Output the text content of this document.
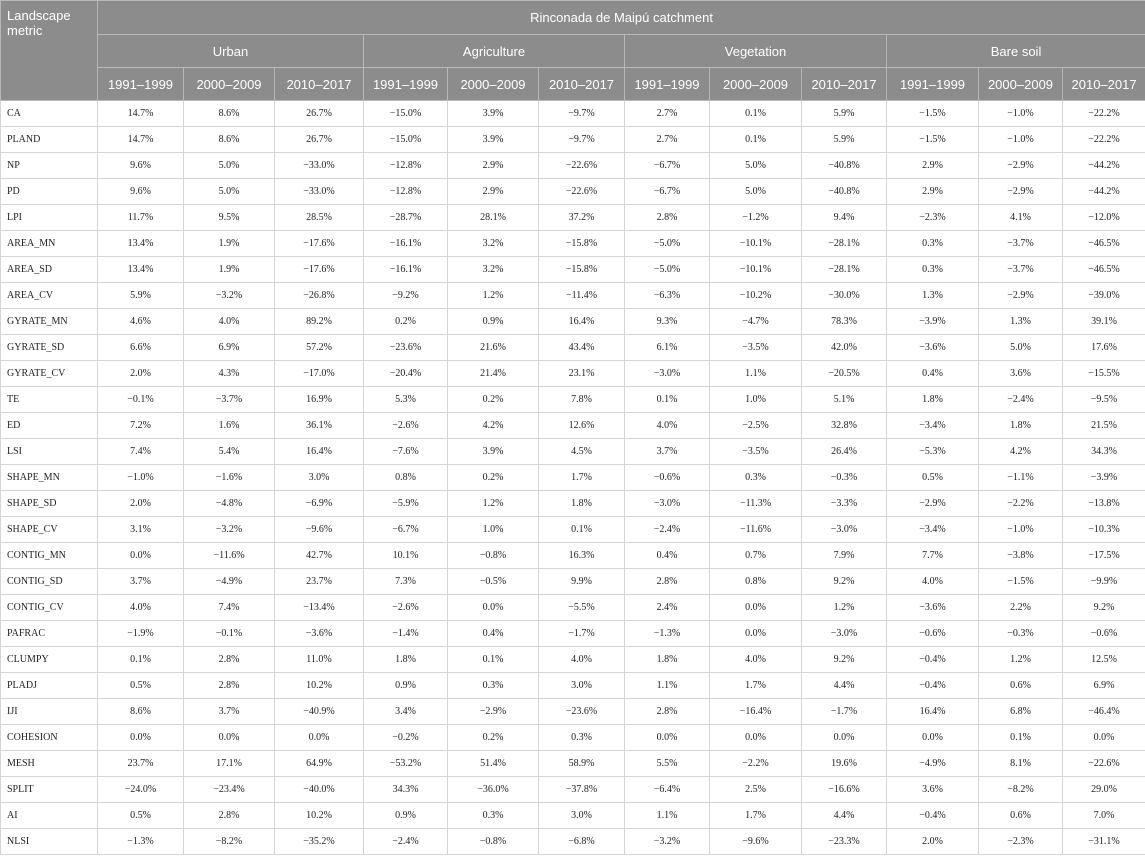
Landscape metric	Rinconada de Maipú catchment											
	Urban			Agriculture			Vegetation			Bare soil		
	1991–1999	2000–2009	2010–2017	1991–1999	2000–2009	2010–2017	1991–1999	2000–2009	2010–2017	1991–1999	2000–2009	2010–2017
CA	14.7%	8.6%	26.7%	−15.0%	3.9%	−9.7%	2.7%	0.1%	5.9%	−1.5%	−1.0%	−22.2%
PLAND	14.7%	8.6%	26.7%	−15.0%	3.9%	−9.7%	2.7%	0.1%	5.9%	−1.5%	−1.0%	−22.2%
NP	9.6%	5.0%	−33.0%	−12.8%	2.9%	−22.6%	−6.7%	5.0%	−40.8%	2.9%	−2.9%	−44.2%
PD	9.6%	5.0%	−33.0%	−12.8%	2.9%	−22.6%	−6.7%	5.0%	−40.8%	2.9%	−2.9%	−44.2%
LPI	11.7%	9.5%	28.5%	−28.7%	28.1%	37.2%	2.8%	−1.2%	9.4%	−2.3%	4.1%	−12.0%
AREA_MN	13.4%	1.9%	−17.6%	−16.1%	3.2%	−15.8%	−5.0%	−10.1%	−28.1%	0.3%	−3.7%	−46.5%
AREA_SD	13.4%	1.9%	−17.6%	−16.1%	3.2%	−15.8%	−5.0%	−10.1%	−28.1%	0.3%	−3.7%	−46.5%
AREA_CV	5.9%	−3.2%	−26.8%	−9.2%	1.2%	−11.4%	−6.3%	−10.2%	−30.0%	1.3%	−2.9%	−39.0%
GYRATE_MN	4.6%	4.0%	89.2%	0.2%	0.9%	16.4%	9.3%	−4.7%	78.3%	−3.9%	1.3%	39.1%
GYRATE_SD	6.6%	6.9%	57.2%	−23.6%	21.6%	43.4%	6.1%	−3.5%	42.0%	−3.6%	5.0%	17.6%
GYRATE_CV	2.0%	4.3%	−17.0%	−20.4%	21.4%	23.1%	−3.0%	1.1%	−20.5%	0.4%	3.6%	−15.5%
TE	−0.1%	−3.7%	16.9%	5.3%	0.2%	7.8%	0.1%	1.0%	5.1%	1.8%	−2.4%	−9.5%
ED	7.2%	1.6%	36.1%	−2.6%	4.2%	12.6%	4.0%	−2.5%	32.8%	−3.4%	1.8%	21.5%
LSI	7.4%	5.4%	16.4%	−7.6%	3.9%	4.5%	3.7%	−3.5%	26.4%	−5.3%	4.2%	34.3%
SHAPE_MN	−1.0%	−1.6%	3.0%	0.8%	0.2%	1.7%	−0.6%	0.3%	−0.3%	0.5%	−1.1%	−3.9%
SHAPE_SD	2.0%	−4.8%	−6.9%	−5.9%	1.2%	1.8%	−3.0%	−11.3%	−3.3%	−2.9%	−2.2%	−13.8%
SHAPE_CV	3.1%	−3.2%	−9.6%	−6.7%	1.0%	0.1%	−2.4%	−11.6%	−3.0%	−3.4%	−1.0%	−10.3%
CONTIG_MN	0.0%	−11.6%	42.7%	10.1%	−0.8%	16.3%	0.4%	0.7%	7.9%	7.7%	−3.8%	−17.5%
CONTIG_SD	3.7%	−4.9%	23.7%	7.3%	−0.5%	9.9%	2.8%	0.8%	9.2%	4.0%	−1.5%	−9.9%
CONTIG_CV	4.0%	7.4%	−13.4%	−2.6%	0.0%	−5.5%	2.4%	0.0%	1.2%	−3.6%	2.2%	9.2%
PAFRAC	−1.9%	−0.1%	−3.6%	−1.4%	0.4%	−1.7%	−1.3%	0.0%	−3.0%	−0.6%	−0.3%	−0.6%
CLUMPY	0.1%	2.8%	11.0%	1.8%	0.1%	4.0%	1.8%	4.0%	9.2%	−0.4%	1.2%	12.5%
PLADJ	0.5%	2.8%	10.2%	0.9%	0.3%	3.0%	1.1%	1.7%	4.4%	−0.4%	0.6%	6.9%
IJI	8.6%	3.7%	−40.9%	3.4%	−2.9%	−23.6%	2.8%	−16.4%	−1.7%	16.4%	6.8%	−46.4%
COHESION	0.0%	0.0%	0.0%	−0.2%	0.2%	0.3%	0.0%	0.0%	0.0%	0.0%	0.1%	0.0%
MESH	23.7%	17.1%	64.9%	−53.2%	51.4%	58.9%	5.5%	−2.2%	19.6%	−4.9%	8.1%	−22.6%
SPLIT	−24.0%	−23.4%	−40.0%	34.3%	−36.0%	−37.8%	−6.4%	2.5%	−16.6%	3.6%	−8.2%	29.0%
AI	0.5%	2.8%	10.2%	0.9%	0.3%	3.0%	1.1%	1.7%	4.4%	−0.4%	0.6%	7.0%
NLSI	−1.3%	−8.2%	−35.2%	−2.4%	−0.8%	−6.8%	−3.2%	−9.6%	−23.3%	2.0%	−2.3%	−31.1%
